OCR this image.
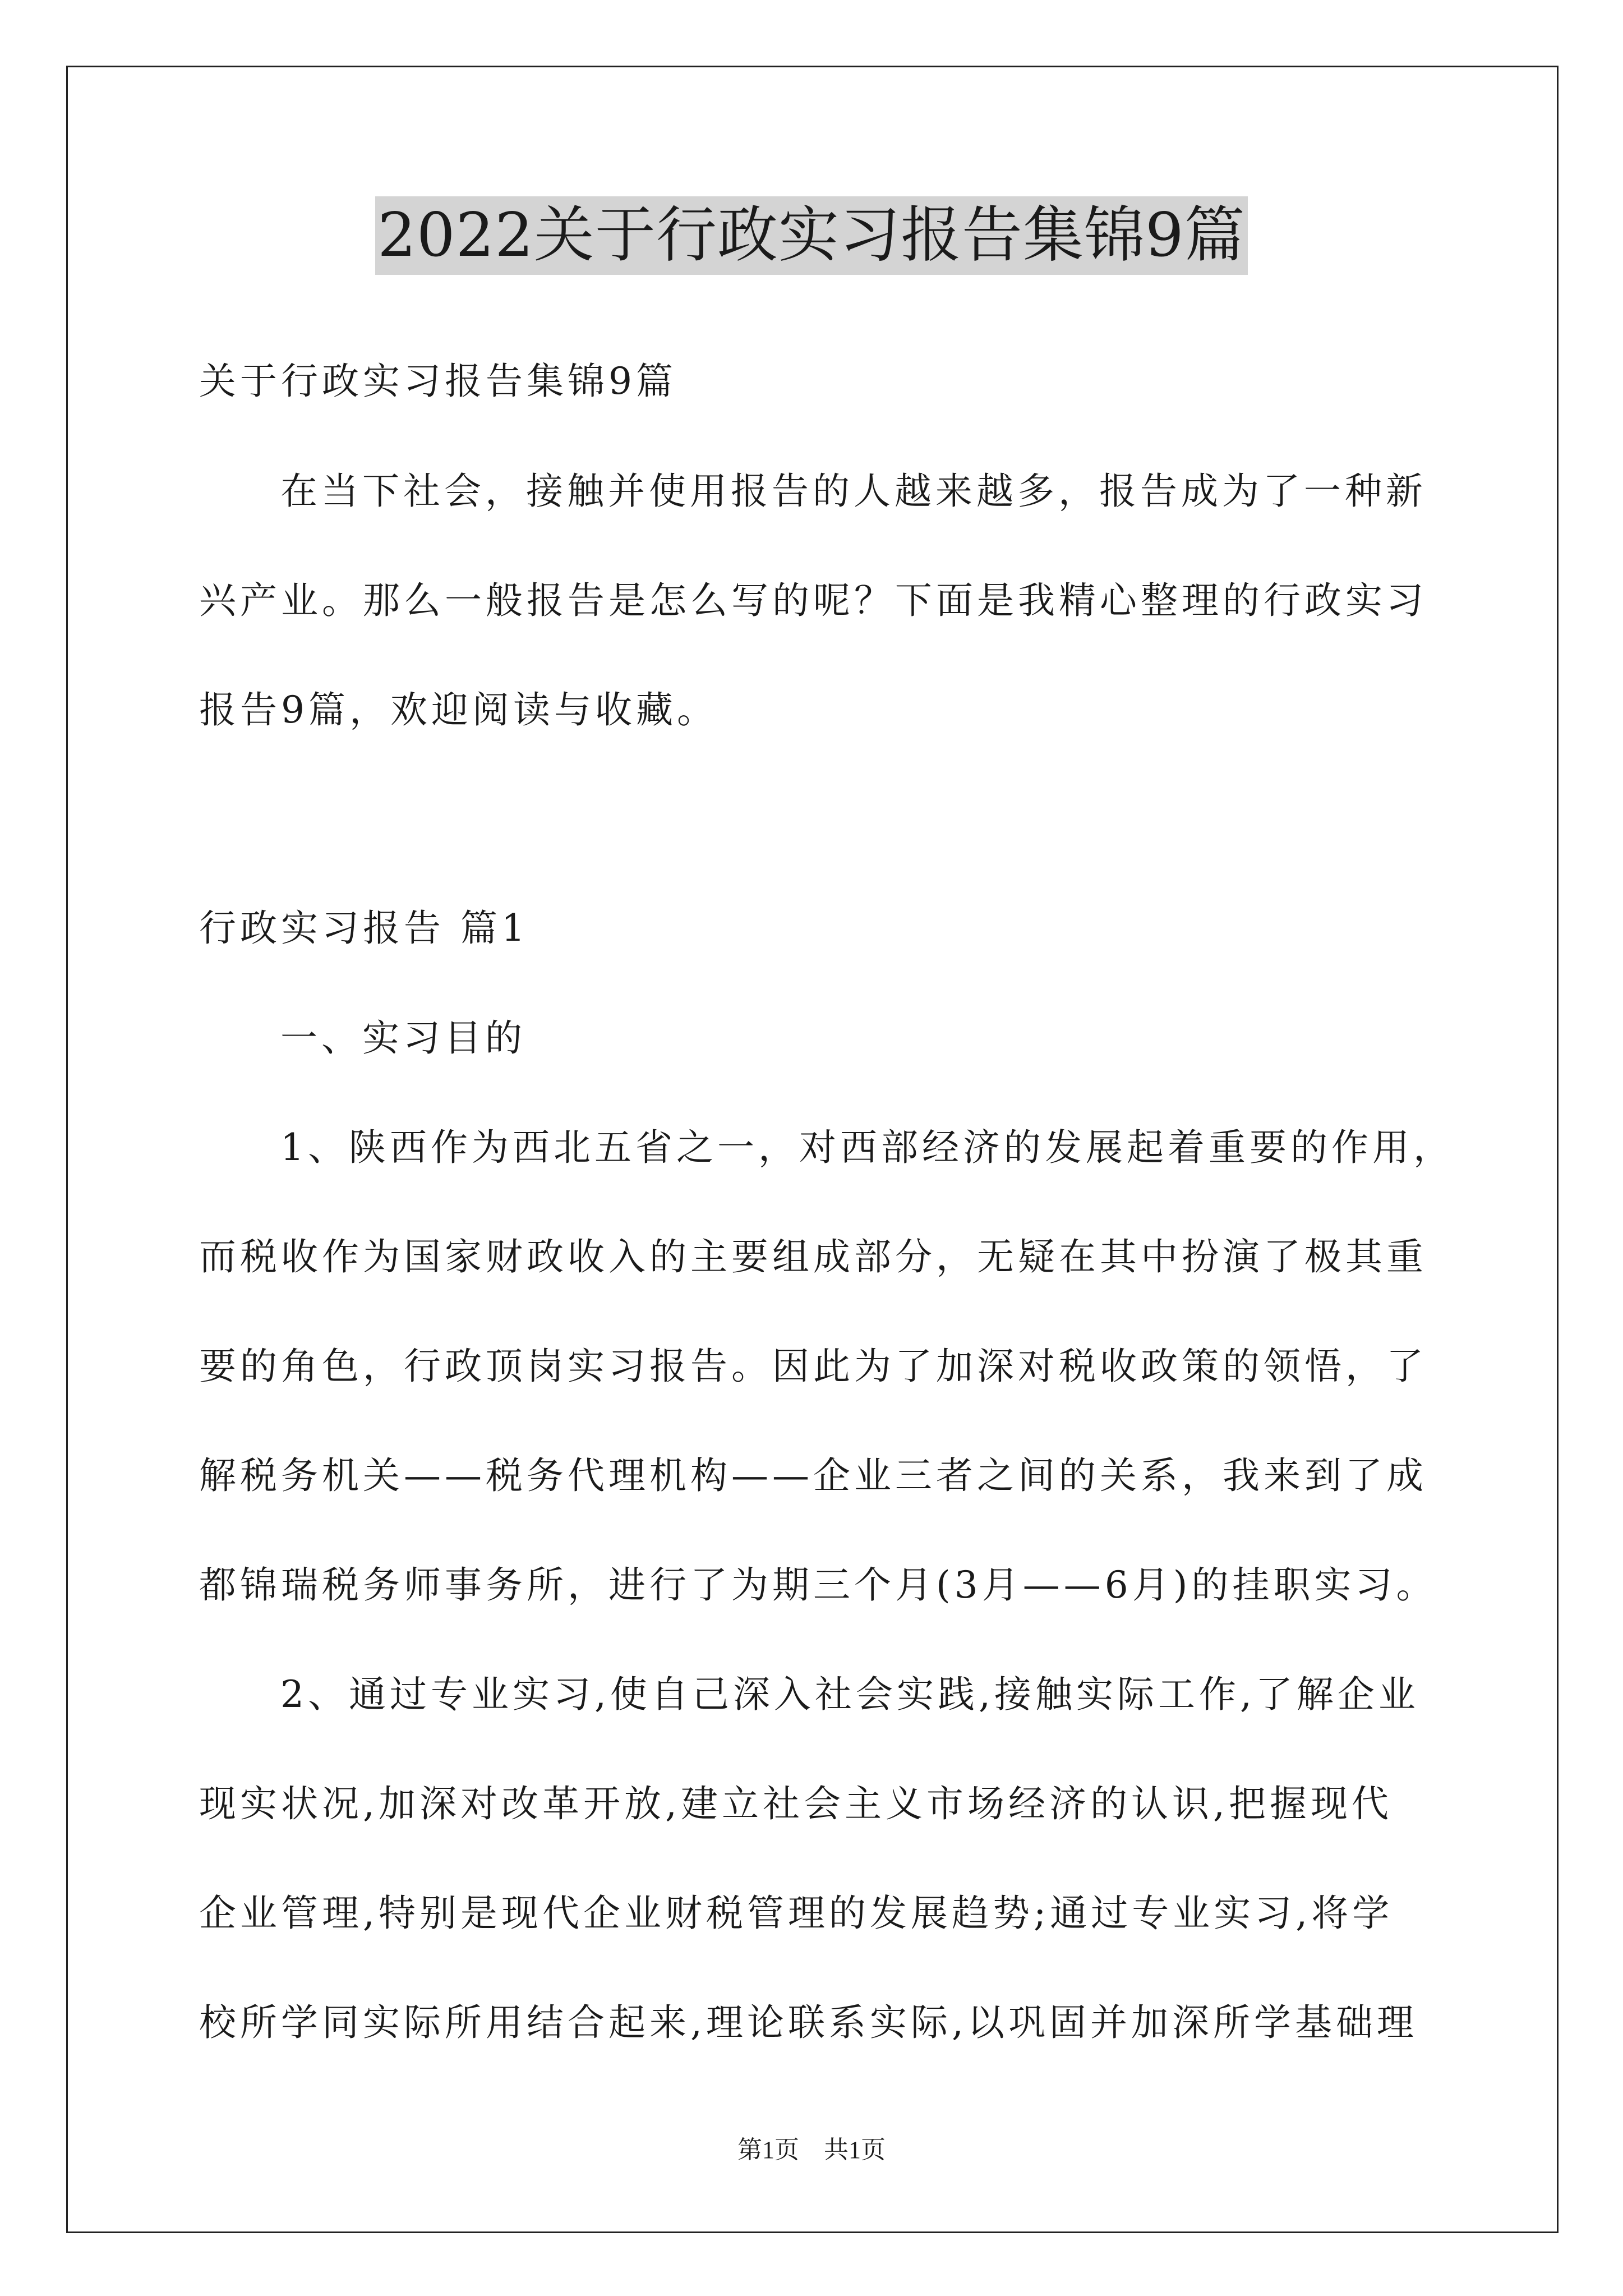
2022关于行政实习报告集锦9篇
关于行政实习报告集锦9篇
在当下社会，接触并使用报告的人越来越多，报告成为了一种新
兴产业。那么一般报告是怎么写的呢？下面是我精心整理的行政实习
报告9篇，欢迎阅读与收藏。
行政实习报告 篇1
一、实习目的
1、陕西作为西北五省之一，对西部经济的发展起着重要的作用，
而税收作为国家财政收入的主要组成部分，无疑在其中扮演了极其重
要的角色，行政顶岗实习报告。因此为了加深对税收政策的领悟，了
解税务机关——税务代理机构——企业三者之间的关系，我来到了成
都锦瑞税务师事务所，进行了为期三个月(3月——6月)的挂职实习。
2、通过专业实习,使自己深入社会实践,接触实际工作,了解企业
现实状况,加深对改革开放,建立社会主义市场经济的认识,把握现代
企业管理,特别是现代企业财税管理的发展趋势;通过专业实习,将学
校所学同实际所用结合起来,理论联系实际,以巩固并加深所学基础理
第1页　共1页
